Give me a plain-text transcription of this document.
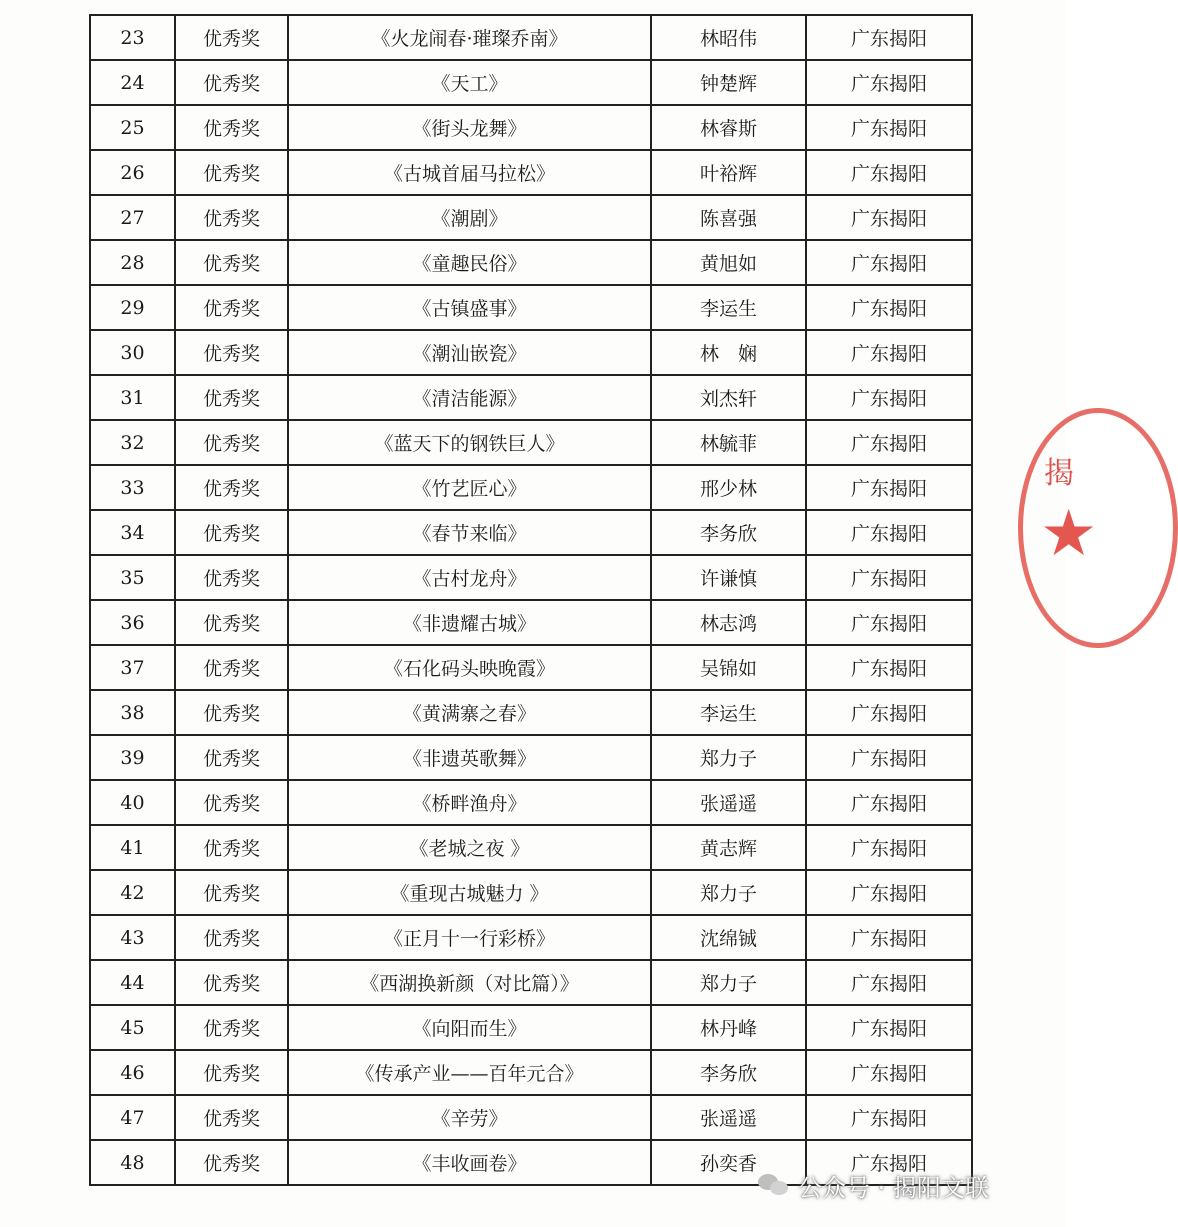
23	优秀奖	《火龙闹春·璀璨乔南》	林昭伟	广东揭阳
24	优秀奖	《天工》	钟楚辉	广东揭阳
25	优秀奖	《街头龙舞》	林睿斯	广东揭阳
26	优秀奖	《古城首届马拉松》	叶裕辉	广东揭阳
27	优秀奖	《潮剧》	陈喜强	广东揭阳
28	优秀奖	《童趣民俗》	黄旭如	广东揭阳
29	优秀奖	《古镇盛事》	李运生	广东揭阳
30	优秀奖	《潮汕嵌瓷》	林　娴	广东揭阳
31	优秀奖	《清洁能源》	刘杰轩	广东揭阳
32	优秀奖	《蓝天下的钢铁巨人》	林毓菲	广东揭阳
33	优秀奖	《竹艺匠心》	邢少林	广东揭阳
34	优秀奖	《春节来临》	李务欣	广东揭阳
35	优秀奖	《古村龙舟》	许谦慎	广东揭阳
36	优秀奖	《非遗耀古城》	林志鸿	广东揭阳
37	优秀奖	《石化码头映晚霞》	吴锦如	广东揭阳
38	优秀奖	《黄满寨之春》	李运生	广东揭阳
39	优秀奖	《非遗英歌舞》	郑力子	广东揭阳
40	优秀奖	《桥畔渔舟》	张遥遥	广东揭阳
41	优秀奖	《老城之夜 》	黄志辉	广东揭阳
42	优秀奖	《重现古城魅力 》	郑力子	广东揭阳
43	优秀奖	《正月十一行彩桥》	沈绵铖	广东揭阳
44	优秀奖	《西湖换新颜（对比篇）》	郑力子	广东揭阳
45	优秀奖	《向阳而生》	林丹峰	广东揭阳
46	优秀奖	《传承产业——百年元合》	李务欣	广东揭阳
47	优秀奖	《辛劳》	张遥遥	广东揭阳
48	优秀奖	《丰收画卷》	孙奕香	广东揭阳
揭
★
公众号 · 揭阳文联
